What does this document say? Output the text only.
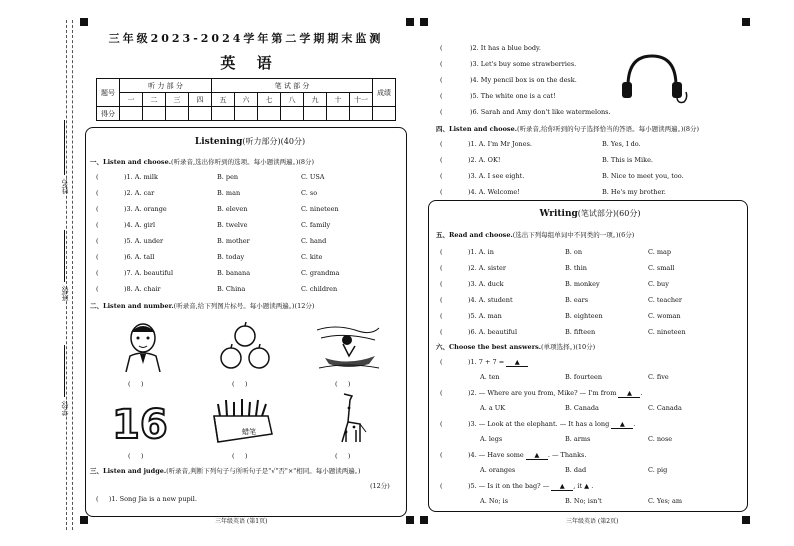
姓名:
班级:
学校:
三年级2023-2024学年第二学期期末监测
英 语
题号	听 力 部 分				笔 试 部 分							成绩
	一	二	三	四	五	六	七	八	九	十	十一	
得分												
Listening(听力部分)(40分)
一、Listen and choose.(听录音,选出你听到的选项。每小题读两遍。)(8分)
二、Listen and number.(听录音,给下列图片标号。每小题读两遍。)(12分)
(     )	(     )	(     )
16
(     )
蜡笔
(     )	(     )
三、Listen and judge.(听录音,判断下列句子与所听句子是"√"否"×"相同。每小题读两遍。)
(12分)
(     )1. Song Jia is a new pupil.
三年级英语 (第1页)
四、Listen and choose.(听录音,给你听到的句子选择恰当的答语。每小题读两遍。)(8分)
Writing(笔试部分)(60分)
五、Read and choose.(选出下列每组单词中不同类的一项。)(6分)
六、Choose the best answers.(单项选择。)(10分)
三年级英语 (第2页)
(	)1. A. milk	B. pen	C. USA
(	)2. A. car	B. man	C. so
(	)3. A. orange	B. eleven	C. nineteen
(	)4. A. girl	B. twelve	C. family
(	)5. A. under	B. mother	C. hand
(	)6. A. tall	B. today	C. kite
(	)7. A. beautiful	B. banana	C. grandma
(	)8. A. chair	B. China	C. children
(	)2. It has a blue body.
(	)3. Let's buy some strawberries.
(	)4. My pencil box is on the desk.
(	)5. The white one is a cat!
(	)6. Sarah and Amy don't like watermelons.
(	)1. A. I'm Mr Jones.	B. Yes, I do.
(	)2. A. OK!	B. This is Mike.
(	)3. A. I see eight.	B. Nice to meet you, too.
(	)4. A. Welcome!	B. He's my brother.
(	)1. A. in	B. on	C. map
(	)2. A. sister	B. thin	C. small
(	)3. A. duck	B. monkey	C. buy
(	)4. A. student	B. ears	C. teacher
(	)5. A. man	B. eighteen	C. woman
(	)6. A. beautiful	B. fifteen	C. nineteen
(	)1. 7 + 7 = ▲
A. ten	B. fourteen	C. five
(	)2. — Where are you from, Mike? — I'm from ▲ .
A. a UK	B. Canada	C. Canada
(	)3. — Look at the elephant. — It has a long ▲ .
A. legs	B. arms	C. nose
(	)4. — Have some ▲ . — Thanks.
A. oranges	B. dad	C. pig
(	)5. — Is it on the bag? — ▲ , it ▲ .
A. No; is	B. No; isn't	C. Yes; am
